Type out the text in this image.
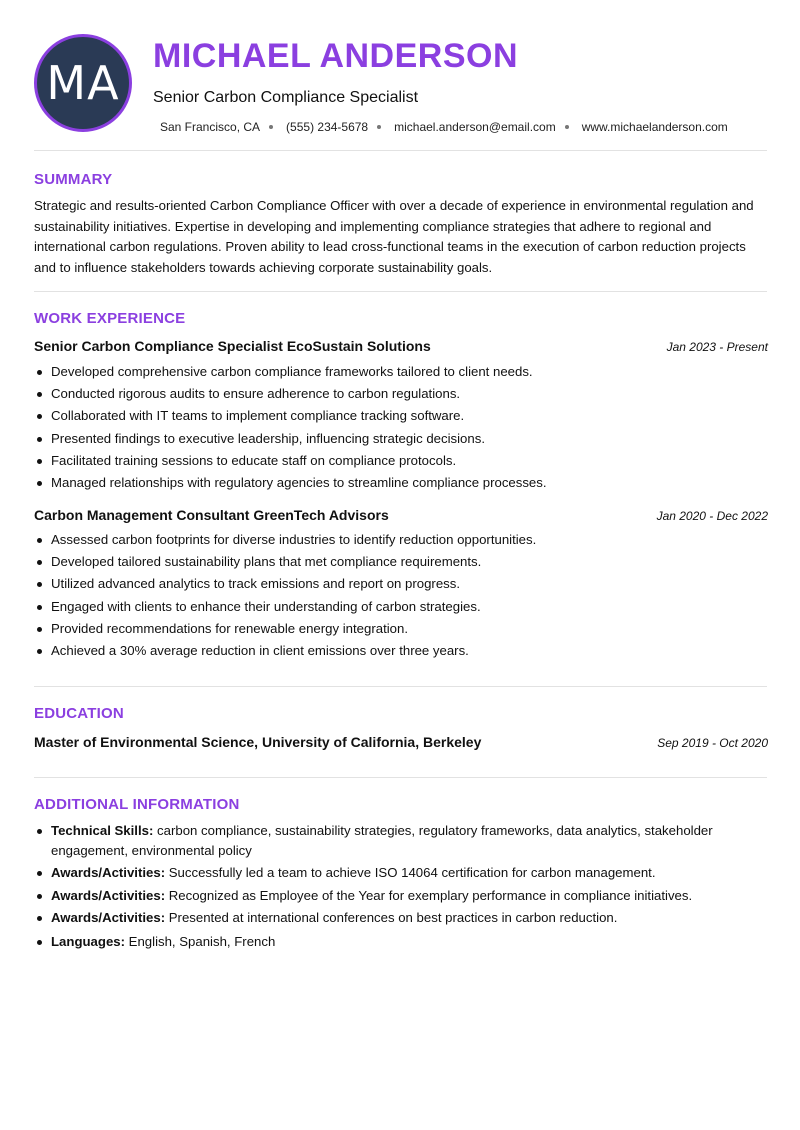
MA MICHAEL ANDERSON
Senior Carbon Compliance Specialist
San Francisco, CA (555) 234-5678 michael.anderson@email.com www.michaelanderson.com
SUMMARY

Strategic and results-oriented Carbon Compliance Officer with over a decade of experience in environmental regulation and sustainability initiatives. Expertise in developing and implementing compliance strategies that adhere to regional and international carbon regulations. Proven ability to lead cross-functional teams in the execution of carbon reduction projects and to influence stakeholders towards achieving corporate sustainability goals.

WORK EXPERIENCE
Senior Carbon Compliance Specialist EcoSustain Solutions	Jan 2023 - Present
Developed comprehensive carbon compliance frameworks tailored to client needs.
Conducted rigorous audits to ensure adherence to carbon regulations.
Collaborated with IT teams to implement compliance tracking software.
Presented findings to executive leadership, influencing strategic decisions.
Facilitated training sessions to educate staff on compliance protocols.
Managed relationships with regulatory agencies to streamline compliance processes.
Carbon Management Consultant GreenTech Advisors	Jan 2020 - Dec 2022
Assessed carbon footprints for diverse industries to identify reduction opportunities.
Developed tailored sustainability plans that met compliance requirements.
Utilized advanced analytics to track emissions and report on progress.
Engaged with clients to enhance their understanding of carbon strategies.
Provided recommendations for renewable energy integration.
Achieved a 30% average reduction in client emissions over three years.
EDUCATION
Master of Environmental Science, University of California, Berkeley	Sep 2019 - Oct 2020
ADDITIONAL INFORMATION
Technical Skills: carbon compliance, sustainability strategies, regulatory frameworks, data analytics, stakeholder engagement, environmental policy
Awards/Activities: Successfully led a team to achieve ISO 14064 certification for carbon management.
Awards/Activities: Recognized as Employee of the Year for exemplary performance in compliance initiatives.
Awards/Activities: Presented at international conferences on best practices in carbon reduction.
Languages: English, Spanish, French
